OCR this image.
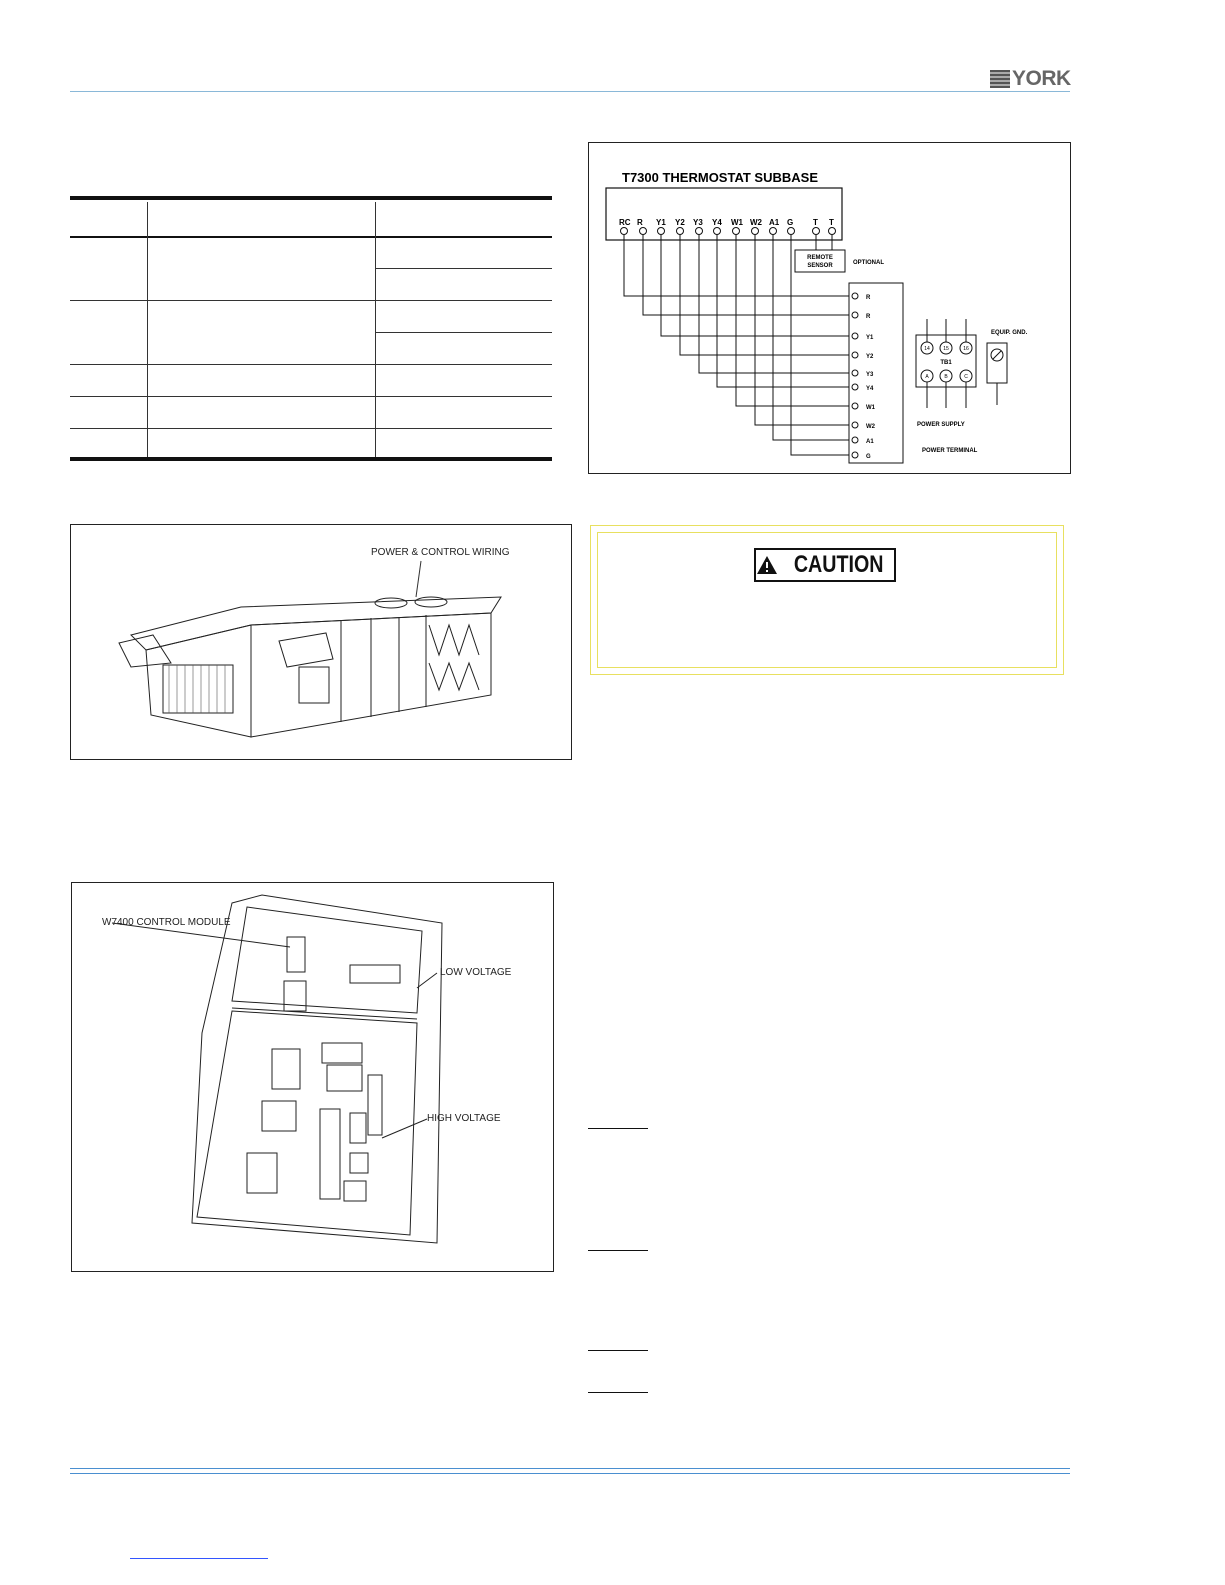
YORK
T7300 THERMOSTAT SUBBASE
RC R Y1 Y2 Y3 Y4 W1 W2 A1 G T T
REMOTE
SENSOR	OPTIONAL
R
R
Y1
Y2
Y3
Y4
W1
W2
A1
G
14	15	16
A	B	C
TB1
EQUIP. GND.
POWER SUPPLY
POWER TERMINAL
POWER & CONTROL WIRING
W7400 CONTROL MODULE
LOW VOLTAGE
HIGH VOLTAGE
CAUTION
